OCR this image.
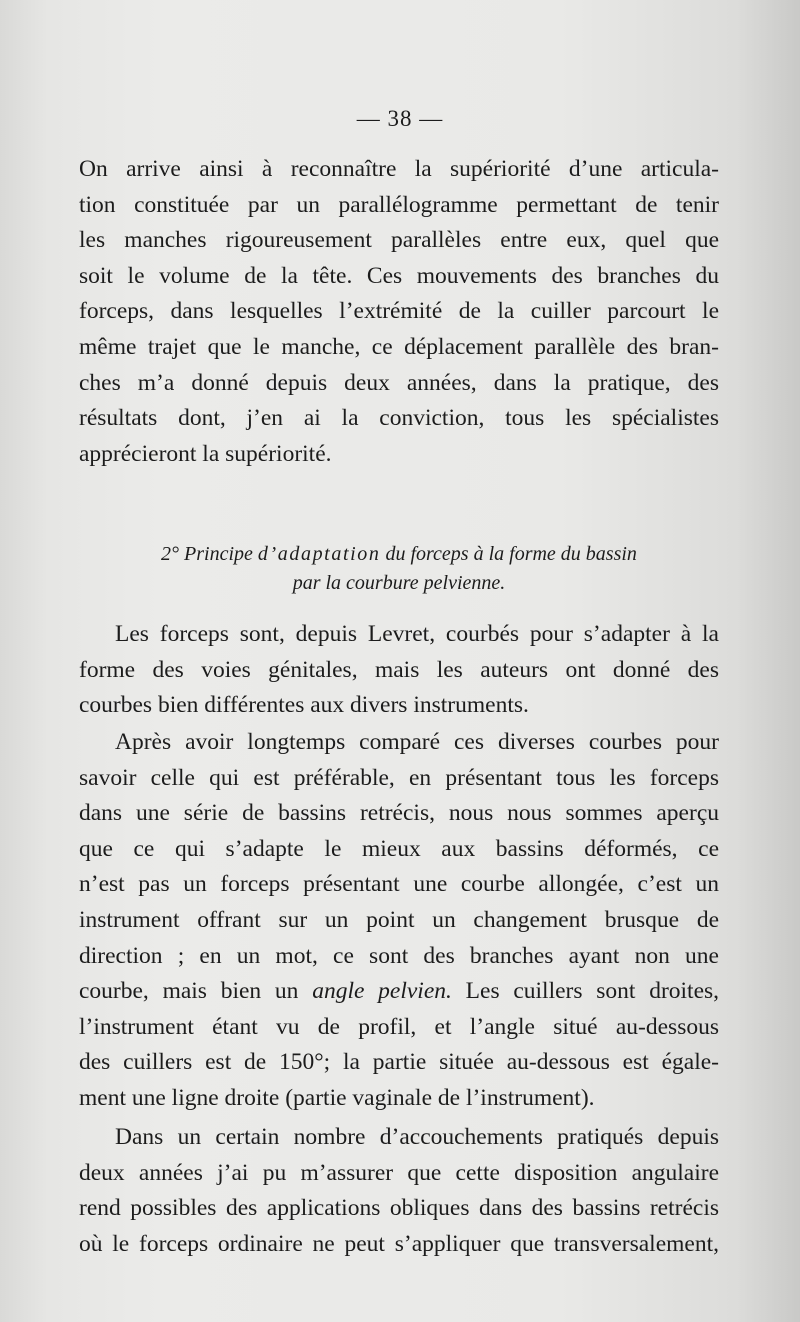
— 38 —
On arrive ainsi à reconnaître la supériorité d’une articula-
tion constituée par un parallélogramme permettant de tenir
les manches rigoureusement parallèles entre eux, quel que
soit le volume de la tête. Ces mouvements des branches du
forceps, dans lesquelles l’extrémité de la cuiller parcourt le
même trajet que le manche, ce déplacement parallèle des bran-
ches m’a donné depuis deux années, dans la pratique, des
résultats dont, j’en ai la conviction, tous les spécialistes
apprécieront la supériorité.
2° Principe d’adaptation du forceps à la forme du bassin
par la courbure pelvienne.
Les forceps sont, depuis Levret, courbés pour s’adapter à la
forme des voies génitales, mais les auteurs ont donné des
courbes bien différentes aux divers instruments.
Après avoir longtemps comparé ces diverses courbes pour
savoir celle qui est préférable, en présentant tous les forceps
dans une série de bassins retrécis, nous nous sommes aperçu
que ce qui s’adapte le mieux aux bassins déformés, ce
n’est pas un forceps présentant une courbe allongée, c’est un
instrument offrant sur un point un changement brusque de
direction ; en un mot, ce sont des branches ayant non une
courbe, mais bien un angle pelvien. Les cuillers sont droites,
l’instrument étant vu de profil, et l’angle situé au-dessous
des cuillers est de 150°; la partie située au-dessous est égale-
ment une ligne droite (partie vaginale de l’instrument).
Dans un certain nombre d’accouchements pratiqués depuis
deux années j’ai pu m’assurer que cette disposition angulaire
rend possibles des applications obliques dans des bassins retrécis
où le forceps ordinaire ne peut s’appliquer que transversalement,
